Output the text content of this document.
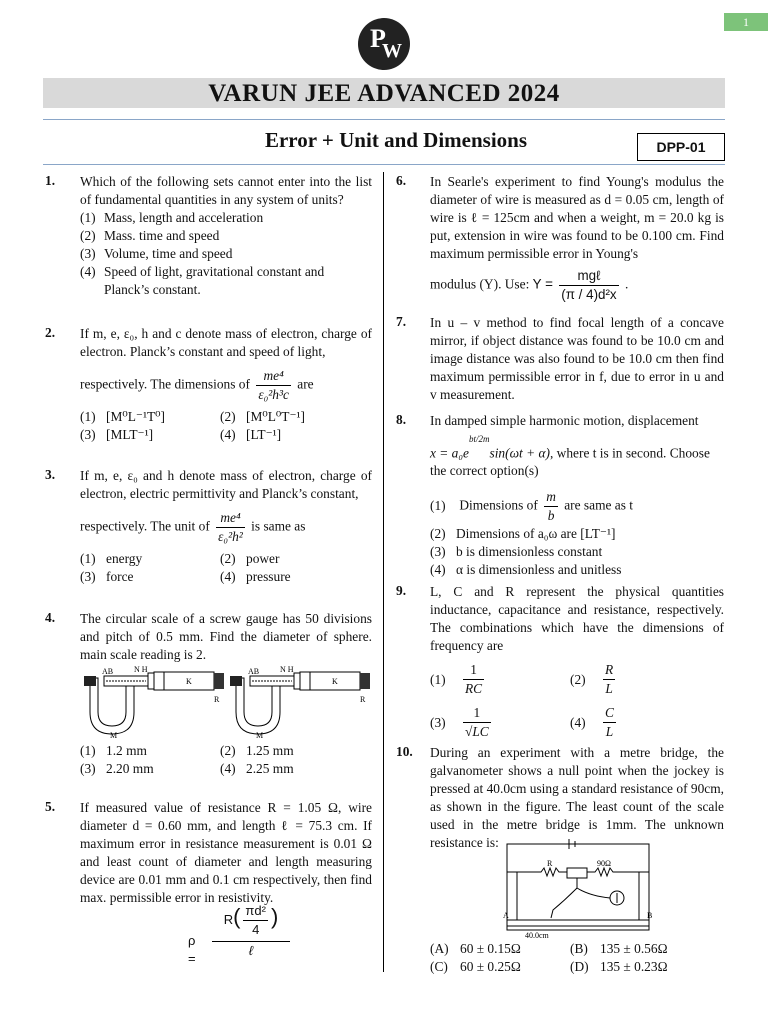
1
P
W
VARUN JEE ADVANCED 2024
Error + Unit and Dimensions	DPP-01
1. Which of the following sets cannot enter into the list of fundamental quantities in any system of units?
(1) Mass, length and acceleration
(2) Mass. time and speed
(3) Volume, time and speed
(4) Speed of light, gravitational constant and Planck’s constant.
2. If m, e, ε₀, h and c denote mass of electron, charge of electron. Planck’s constant and speed of light,
respectively. The dimensions of $\frac{\text{me⁴}}{\text{ε₀²h³c}}$ are
(1) [M⁰L⁻¹T⁰]	(2) [M⁰L⁰T⁻¹]
(3) [MLT⁻¹]	(4) [LT⁻¹]
3. If m, e, ε₀ and h denote mass of electron, charge of electron, electric permittivity and Planck’s constant,
respectively. The unit of $\frac{\text{me⁴}}{\text{ε₀²h²}}$ is same as
(1) energy	(2) power
(3) force	(4) pressure
4. The circular scale of a screw gauge has 50 divisions and pitch of 0.5 mm. Find the diameter of sphere. main scale reading is 2.
AB	N H
K
R
M
AB	N H
K
R
M
(1) 1.2 mm	(2) 1.25 mm
(3) 2.20 mm	(4) 2.25 mm
5. If measured value of resistance R = 1.05 Ω, wire diameter d = 0.60 mm, and length ℓ = 75.3 cm. If maximum error in resistance measurement is 0.01 Ω and least count of diameter and length measuring device are 0.01 mm and 0.1 cm respectively, then find max. permissible error in resistivity.
ρ =
$R( \frac{\text{πd²}}{4}$ )
ℓ
6. In Searle's experiment to find Young's modulus the diameter of wire is measured as d = 0.05 cm, length of wire is ℓ = 125cm and when a weight, m = 20.0 kg is put, extension in wire was found to be 0.100 cm. Find maximum permissible error in Young's
modulus (Y). Use: $Y = \frac{\text{mgℓ}}{\text{(π / 4)d²x}}$ .
7. In u – v method to find focal length of a concave mirror, if object distance was found to be 10.0 cm and image distance was also found to be 10.0 cm then find maximum permissible error in f, due to error in u and v measurement.
8. In damped simple harmonic motion, displacement
$x = a_0e^{bt/2m}\sin(\omega t + \alpha)$, where t is in second. Choose the correct option(s)
(1) Dimensions of $\frac{m}{b}$ are same as t
(2) Dimensions of a₀ω are [LT⁻¹]
(3) b is dimensionless constant
(4) α is dimensionless and unitless
9. L, C and R represent the physical quantities inductance, capacitance and resistance, respectively. The combinations which have the dimensions of frequency are
$(1) \frac{1}{RC}$	$(2) \frac{R}{L}$
$(3) \frac{1}{√LC}$	$(4) \frac{C}{L}$
10. During an experiment with a metre bridge, the galvanometer shows a null point when the jockey is pressed at 40.0cm using a standard resistance of 90cm, as shown in the figure. The least count of the scale used in the metre bridge is 1mm. The unknown resistance is:
R	90Ω
A	B
40.0cm
(A) 60 ± 0.15Ω	(B) 135 ± 0.56Ω
(C) 60 ± 0.25Ω	(D) 135 ± 0.23Ω
